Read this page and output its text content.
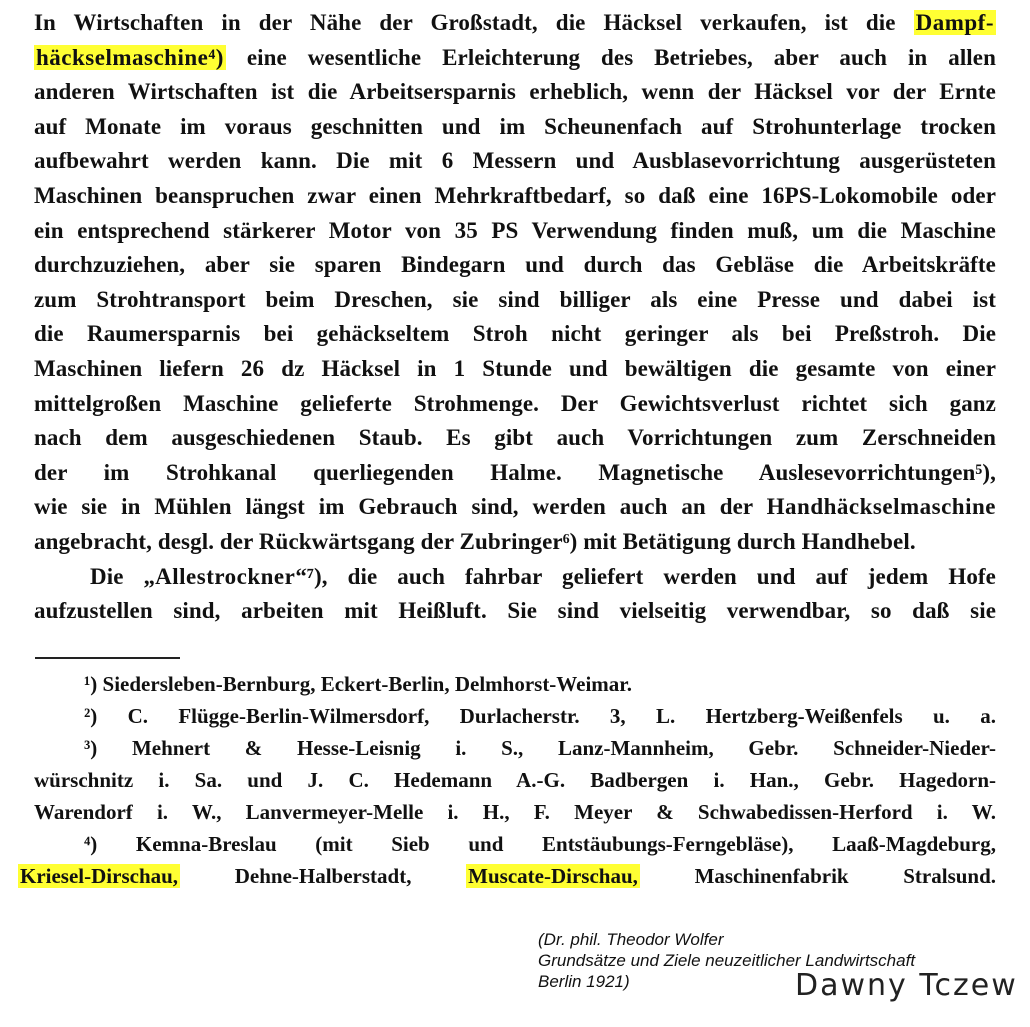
In Wirtschaften in der Nähe der Großstadt, die Häcksel verkaufen, ist die Dampf-
häckselmaschine⁴) eine wesentliche Erleichterung des Betriebes, aber auch in allen
anderen Wirtschaften ist die Arbeitsersparnis erheblich, wenn der Häcksel vor der Ernte
auf Monate im voraus geschnitten und im Scheunenfach auf Strohunterlage trocken
aufbewahrt werden kann. Die mit 6 Messern und Ausblasevorrichtung ausgerüsteten
Maschinen beanspruchen zwar einen Mehrkraftbedarf, so daß eine 16PS-Lokomobile oder
ein entsprechend stärkerer Motor von 35 PS Verwendung finden muß, um die Maschine
durchzuziehen, aber sie sparen Bindegarn und durch das Gebläse die Arbeitskräfte
zum Strohtransport beim Dreschen, sie sind billiger als eine Presse und dabei ist
die Raumersparnis bei gehäckseltem Stroh nicht geringer als bei Preßstroh. Die
Maschinen liefern 26 dz Häcksel in 1 Stunde und bewältigen die gesamte von einer
mittelgroßen Maschine gelieferte Strohmenge. Der Gewichtsverlust richtet sich ganz
nach dem ausgeschiedenen Staub. Es gibt auch Vorrichtungen zum Zerschneiden
der im Strohkanal querliegenden Halme. Magnetische Auslesevorrichtungen⁵),
wie sie in Mühlen längst im Gebrauch sind, werden auch an der Handhäckselmaschine
angebracht, desgl. der Rückwärtsgang der Zubringer⁶) mit Betätigung durch Handhebel.
Die „Allestrockner“⁷), die auch fahrbar geliefert werden und auf jedem Hofe
aufzustellen sind, arbeiten mit Heißluft. Sie sind vielseitig verwendbar, so daß sie
¹) Siedersleben-Bernburg, Eckert-Berlin, Delmhorst-Weimar.
²) C. Flügge-Berlin-Wilmersdorf, Durlacherstr. 3, L. Hertzberg-Weißenfels u. a.
³) Mehnert & Hesse-Leisnig i. S., Lanz-Mannheim, Gebr. Schneider-Nieder-
würschnitz i. Sa. und J. C. Hedemann A.-G. Badbergen i. Han., Gebr. Hagedorn-
Warendorf i. W., Lanvermeyer-Melle i. H., F. Meyer & Schwabedissen-Herford i. W.
⁴) Kemna-Breslau (mit Sieb und Entstäubungs-Ferngebläse), Laaß-Magdeburg,
Kriesel-Dirschau,	Dehne-Halberstadt,	Muscate-Dirschau,	Maschinenfabrik Stralsund.
(Dr. phil. Theodor Wolfer
Grundsätze und Ziele neuzeitlicher Landwirtschaft
Berlin 1921)	Dawny Tczew
